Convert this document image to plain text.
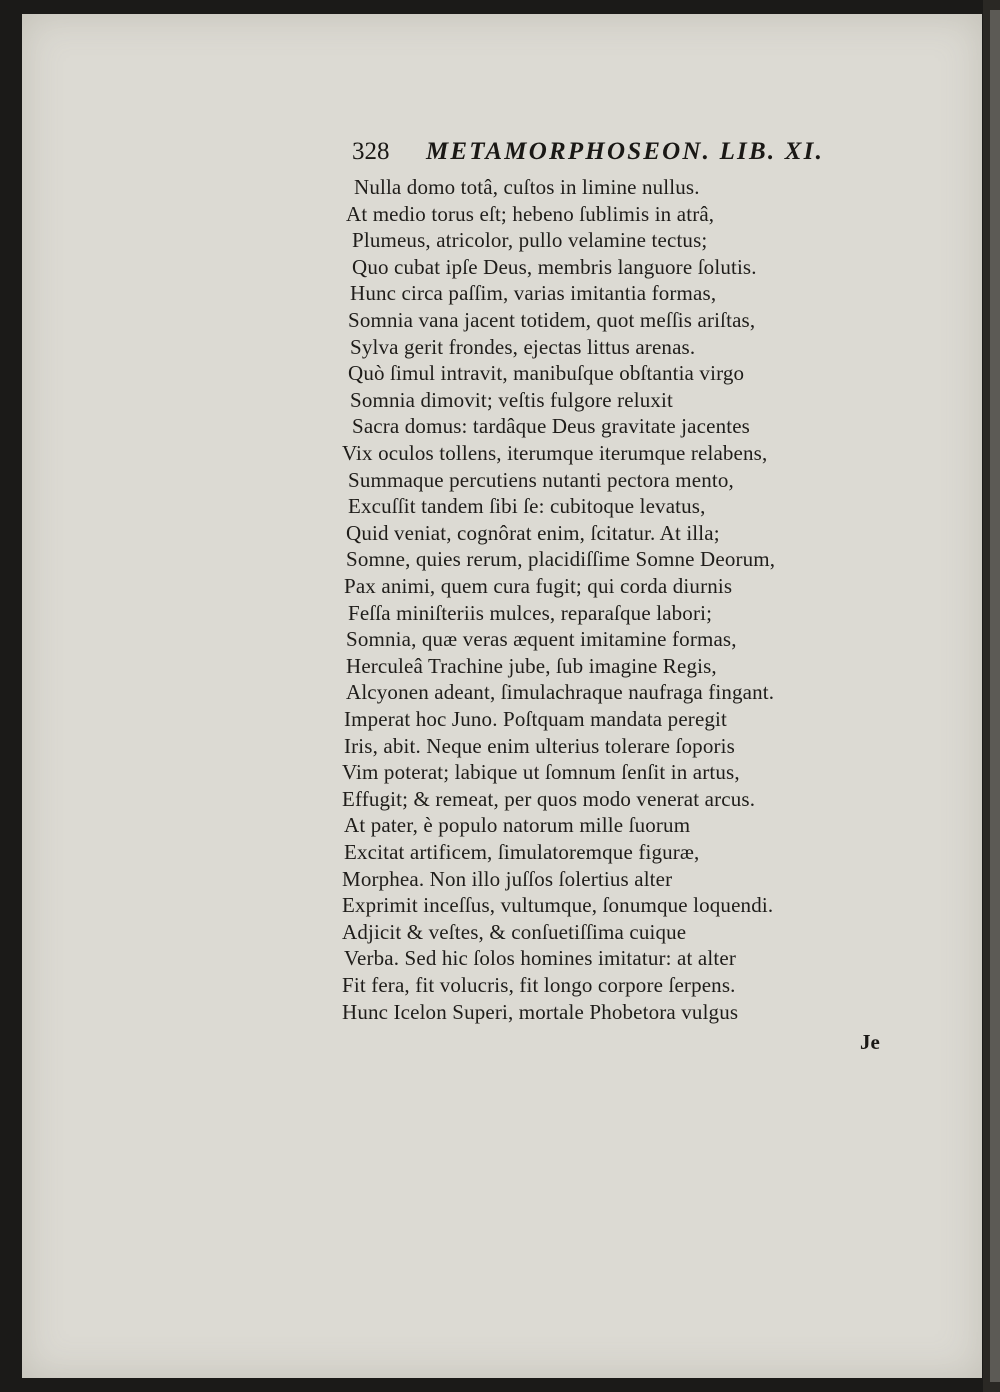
328 METAMORPHOSEON. LIB. XI.
Nulla domo totâ, cuſtos in limine nullus.
At medio torus eſt; hebeno ſublimis in atrâ,
Plumeus, atricolor, pullo velamine tectus;
Quo cubat ipſe Deus, membris languore ſolutis.
Hunc circa paſſim, varias imitantia formas,
Somnia vana jacent totidem, quot meſſis ariſtas,
Sylva gerit frondes, ejectas littus arenas.
Quò ſimul intravit, manibuſque obſtantia virgo
Somnia dimovit; veſtis fulgore reluxit
Sacra domus: tardâque Deus gravitate jacentes
Vix oculos tollens, iterumque iterumque relabens,
Summaque percutiens nutanti pectora mento,
Excuſſit tandem ſibi ſe: cubitoque levatus,
Quid veniat, cognôrat enim, ſcitatur. At illa;
Somne, quies rerum, placidiſſime Somne Deorum,
Pax animi, quem cura fugit; qui corda diurnis
Feſſa miniſteriis mulces, reparaſque labori;
Somnia, quæ veras æquent imitamine formas,
Herculeâ Trachine jube, ſub imagine Regis,
Alcyonen adeant, ſimulachraque naufraga fingant.
Imperat hoc Juno. Poſtquam mandata peregit
Iris, abit. Neque enim ulterius tolerare ſoporis
Vim poterat; labique ut ſomnum ſenſit in artus,
Effugit; & remeat, per quos modo venerat arcus.
At pater, è populo natorum mille ſuorum
Excitat artificem, ſimulatoremque figuræ,
Morphea. Non illo juſſos ſolertius alter
Exprimit inceſſus, vultumque, ſonumque loquendi.
Adjicit & veſtes, & conſuetiſſima cuique
Verba. Sed hic ſolos homines imitatur: at alter
Fit fera, fit volucris, fit longo corpore ſerpens.
Hunc Icelon Superi, mortale Phobetora vulgus
Je
